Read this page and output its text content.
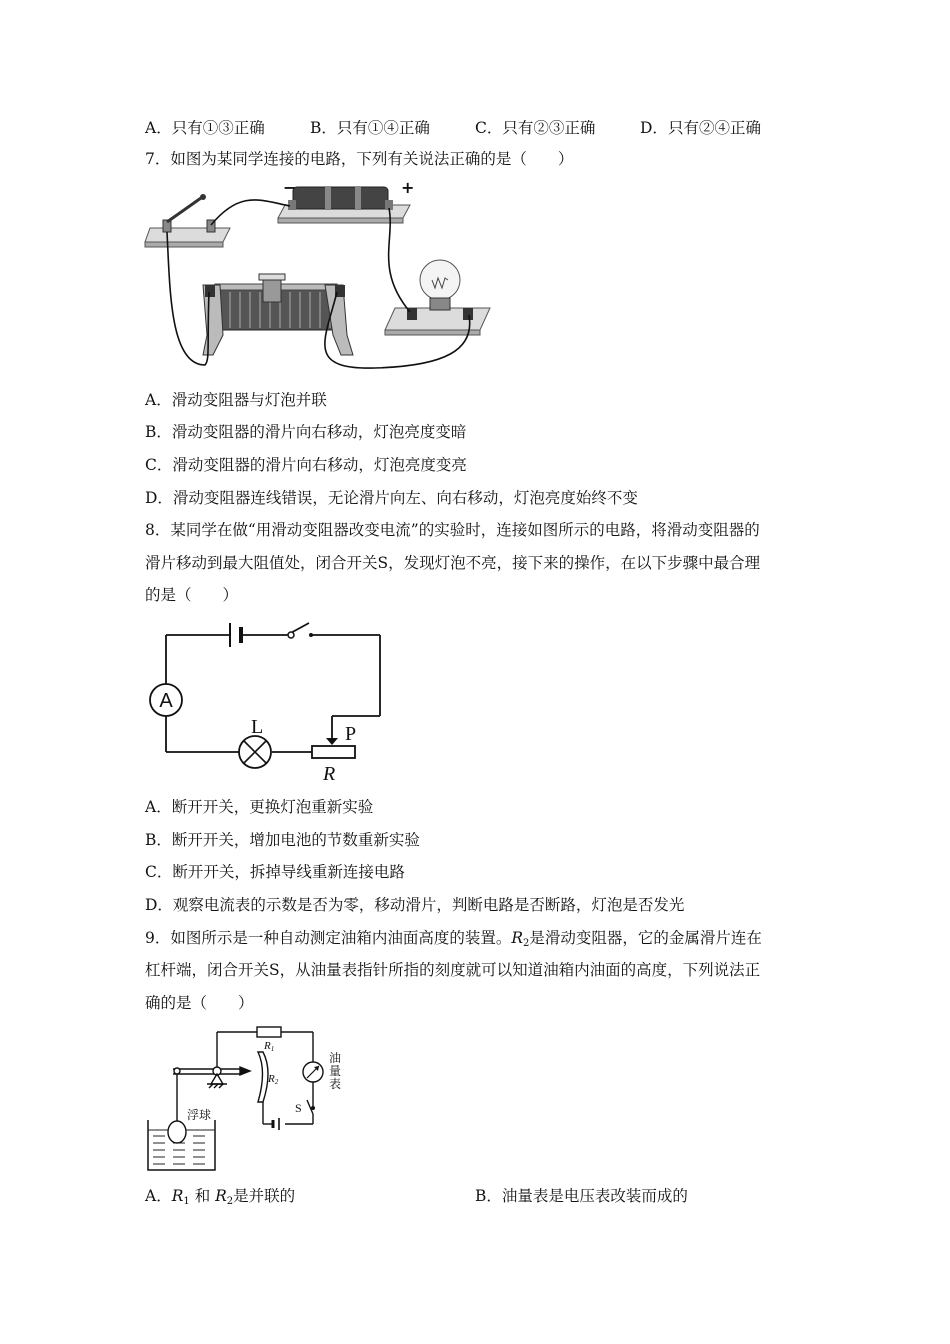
A．只有①③正确	B．只有①④正确	C．只有②③正确	D．只有②④正确
7．如图为某同学连接的电路，下列有关说法正确的是（　　）
−	+
A．滑动变阻器与灯泡并联
B．滑动变阻器的滑片向右移动，灯泡亮度变暗
C．滑动变阻器的滑片向右移动，灯泡亮度变亮
D．滑动变阻器连线错误，无论滑片向左、向右移动，灯泡亮度始终不变
8．某同学在做“用滑动变阻器改变电流”的实验时，连接如图所示的电路，将滑动变阻器的
滑片移动到最大阻值处，闭合开关S，发现灯泡不亮，接下来的操作，在以下步骤中最合理
的是（　　）
A
L	P
R
A．断开开关，更换灯泡重新实验
B．断开开关，增加电池的节数重新实验
C．断开开关，拆掉导线重新连接电路
D．观察电流表的示数是否为零，移动滑片，判断电路是否断路，灯泡是否发光
9．如图所示是一种自动测定油箱内油面高度的装置。$R_2$是滑动变阻器，它的金属滑片连在
杠杆端，闭合开关S，从油量表指针所指的刻度就可以知道油箱内油面的高度，下列说法正
确的是（　　）
浮球
R1
R2
油
量
表
S
A．$R_1$ 和 $R_2$是并联的	B．油量表是电压表改装而成的
